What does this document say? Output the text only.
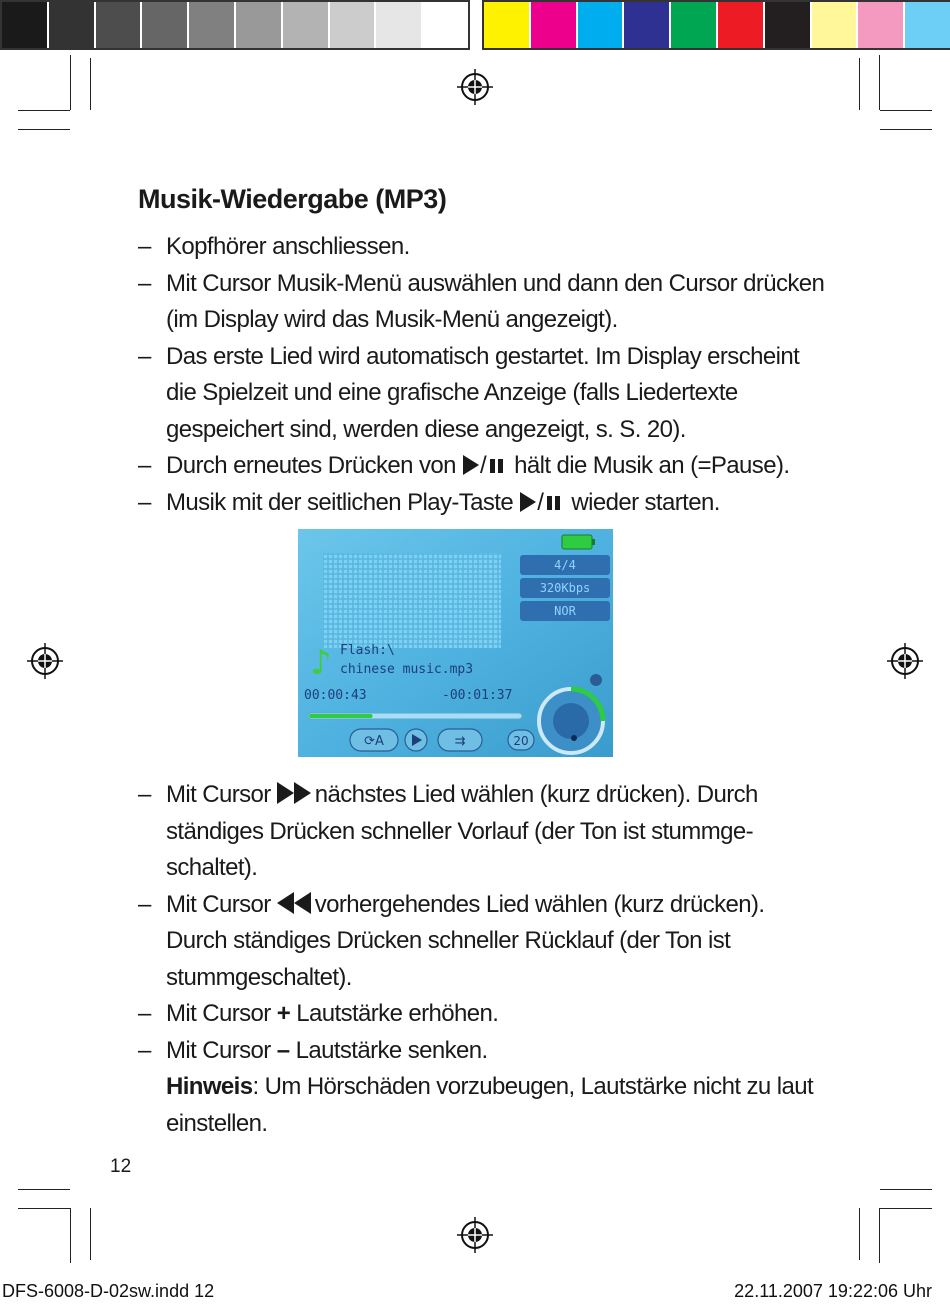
Musik-Wiedergabe (MP3)
– Kopfhörer anschliessen.
– Mit Cursor Musik-Menü auswählen und dann den Cursor drücken (im Display wird das Musik-Menü angezeigt).
– Das erste Lied wird automatisch gestartet. Im Display erscheint die Spielzeit und eine grafische Anzeige (falls Liedertexte gespeichert sind, werden diese angezeigt, s. S. 20).
– Durch erneutes Drücken von / hält die Musik an (=Pause).
– Musik mit der seitlichen Play-Taste / wieder starten.
4/4
320Kbps
NOR
♪ Flash:\
chinese music.mp3
00:00:43	-00:01:37
⟳A	⇉	20
– Mit Cursor nächstes Lied wählen (kurz drücken). Durch ständiges Drücken schneller Vorlauf (der Ton ist stummge-schaltet).
– Mit Cursor vorhergehendes Lied wählen (kurz drücken). Durch ständiges Drücken schneller Rücklauf (der Ton ist stummgeschaltet).
– Mit Cursor + Lautstärke erhöhen.
– Mit Cursor – Lautstärke senken.
Hinweis: Um Hörschäden vorzubeugen, Lautstärke nicht zu laut einstellen.
12
DFS-6008-D-02sw.indd 12	22.11.2007 19:22:06 Uhr
